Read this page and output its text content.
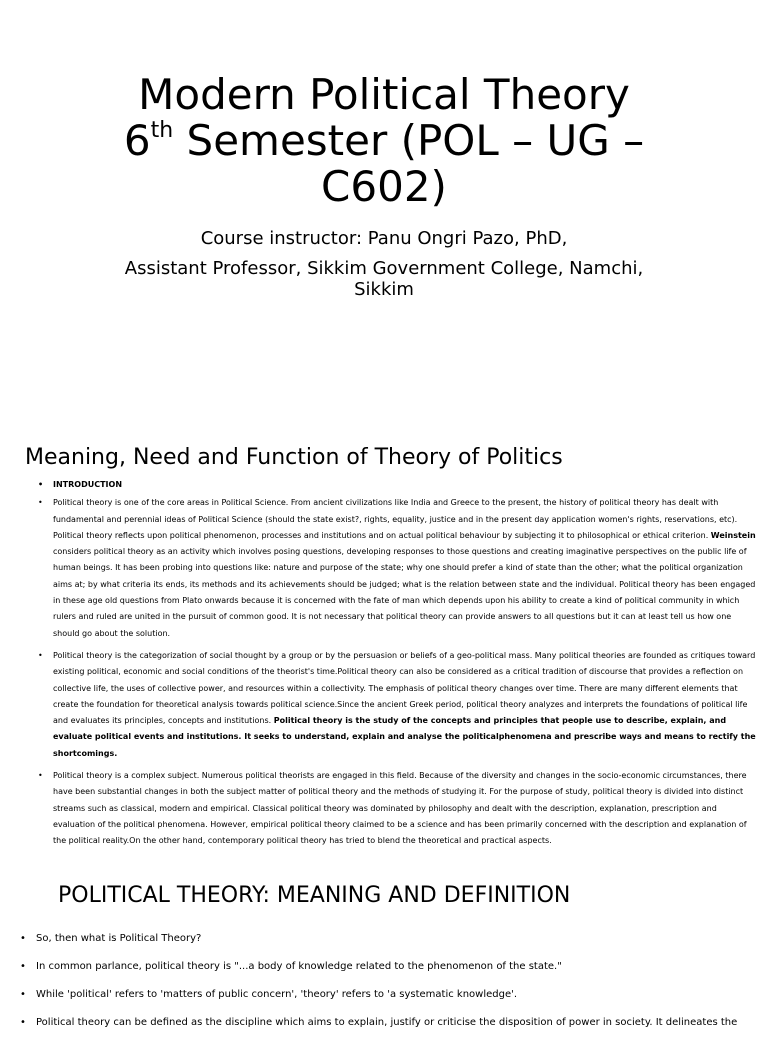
Modern Political Theory
6th Semester (POL – UG –
C602)
Course instructor: Panu Ongri Pazo, PhD,
Assistant Professor, Sikkim Government College, Namchi,
Sikkim
Meaning, Need and Function of Theory of Politics
• INTRODUCTION
• Political theory is one of the core areas in Political Science. From ancient civilizations like India and Greece to the present, the history of political theory has dealt with fundamental and perennial ideas of Political Science (should the state exist?, rights, equality, justice and in the present day application women's rights, reservations, etc). Political theory reflects upon political phenomenon, processes and institutions and on actual political behaviour by subjecting it to philosophical or ethical criterion. Weinstein considers political theory as an activity which involves posing questions, developing responses to those questions and creating imaginative perspectives on the public life of human beings. It has been probing into questions like: nature and purpose of the state; why one should prefer a kind of state than the other; what the political organization aims at; by what criteria its ends, its methods and its achievements should be judged; what is the relation between state and the individual. Political theory has been engaged in these age old questions from Plato onwards because it is concerned with the fate of man which depends upon his ability to create a kind of political community in which rulers and ruled are united in the pursuit of common good. It is not necessary that political theory can provide answers to all questions but it can at least tell us how one should go about the solution.
• Political theory is the categorization of social thought by a group or by the persuasion or beliefs of a geo-political mass. Many political theories are founded as critiques toward existing political, economic and social conditions of the theorist's time.Political theory can also be considered as a critical tradition of discourse that provides a reflection on collective life, the uses of collective power, and resources within a collectivity. The emphasis of political theory changes over time. There are many different elements that create the foundation for theoretical analysis towards political science.Since the ancient Greek period, political theory analyzes and interprets the foundations of political life and evaluates its principles, concepts and institutions. Political theory is the study of the concepts and principles that people use to describe, explain, and evaluate political events and institutions. It seeks to understand, explain and analyse the politicalphenomena and prescribe ways and means to rectify the shortcomings.
• Political theory is a complex subject. Numerous political theorists are engaged in this field. Because of the diversity and changes in the socio-economic circumstances, there have been substantial changes in both the subject matter of political theory and the methods of studying it. For the purpose of study, political theory is divided into distinct streams such as classical, modern and empirical. Classical political theory was dominated by philosophy and dealt with the description, explanation, prescription and evaluation of the political phenomena. However, empirical political theory claimed to be a science and has been primarily concerned with the description and explanation of the political reality.On the other hand, contemporary political theory has tried to blend the theoretical and practical aspects.
POLITICAL THEORY: MEANING AND DEFINITION
• So, then what is Political Theory?
• In common parlance, political theory is "...a body of knowledge related to the phenomenon of the state."
• While 'political' refers to 'matters of public concern', 'theory' refers to 'a systematic knowledge'.
• Political theory can be defined as the discipline which aims to explain, justify or criticise the disposition of power in society. It delineates the
